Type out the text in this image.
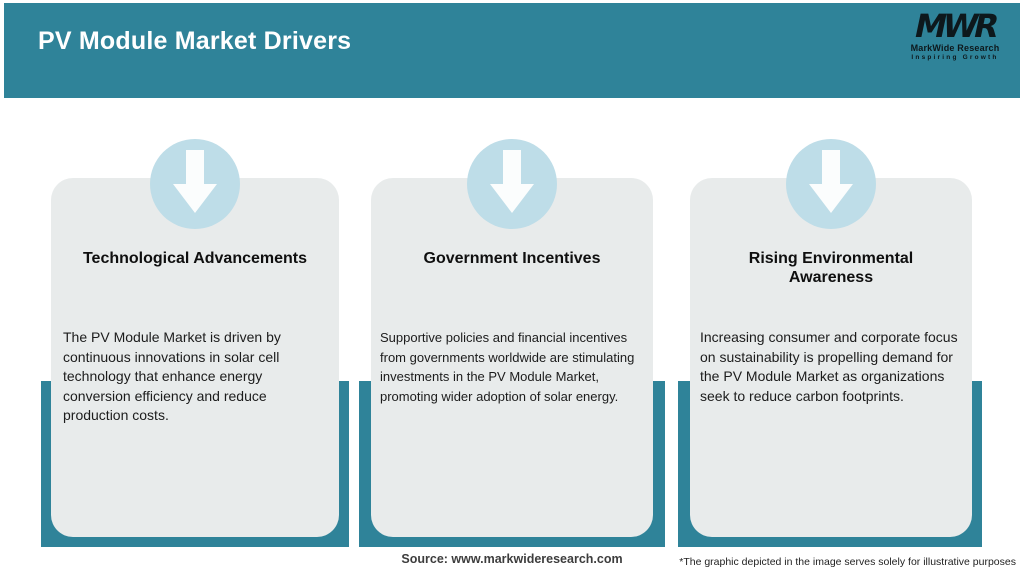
PV Module Market Drivers	MWR
MarkWide Research
Inspiring Growth
Technological Advancements

The PV Module Market is driven by continuous innovations in solar cell technology that enhance energy conversion efficiency and reduce production costs.

Government Incentives

Supportive policies and financial incentives from governments worldwide are stimulating investments in the PV Module Market, promoting wider adoption of solar energy.

Rising Environmental Awareness

Increasing consumer and corporate focus on sustainability is propelling demand for the PV Module Market as organizations seek to reduce carbon footprints.

Source: www.markwideresearch.com	*The graphic depicted in the image serves solely for illustrative purposes
